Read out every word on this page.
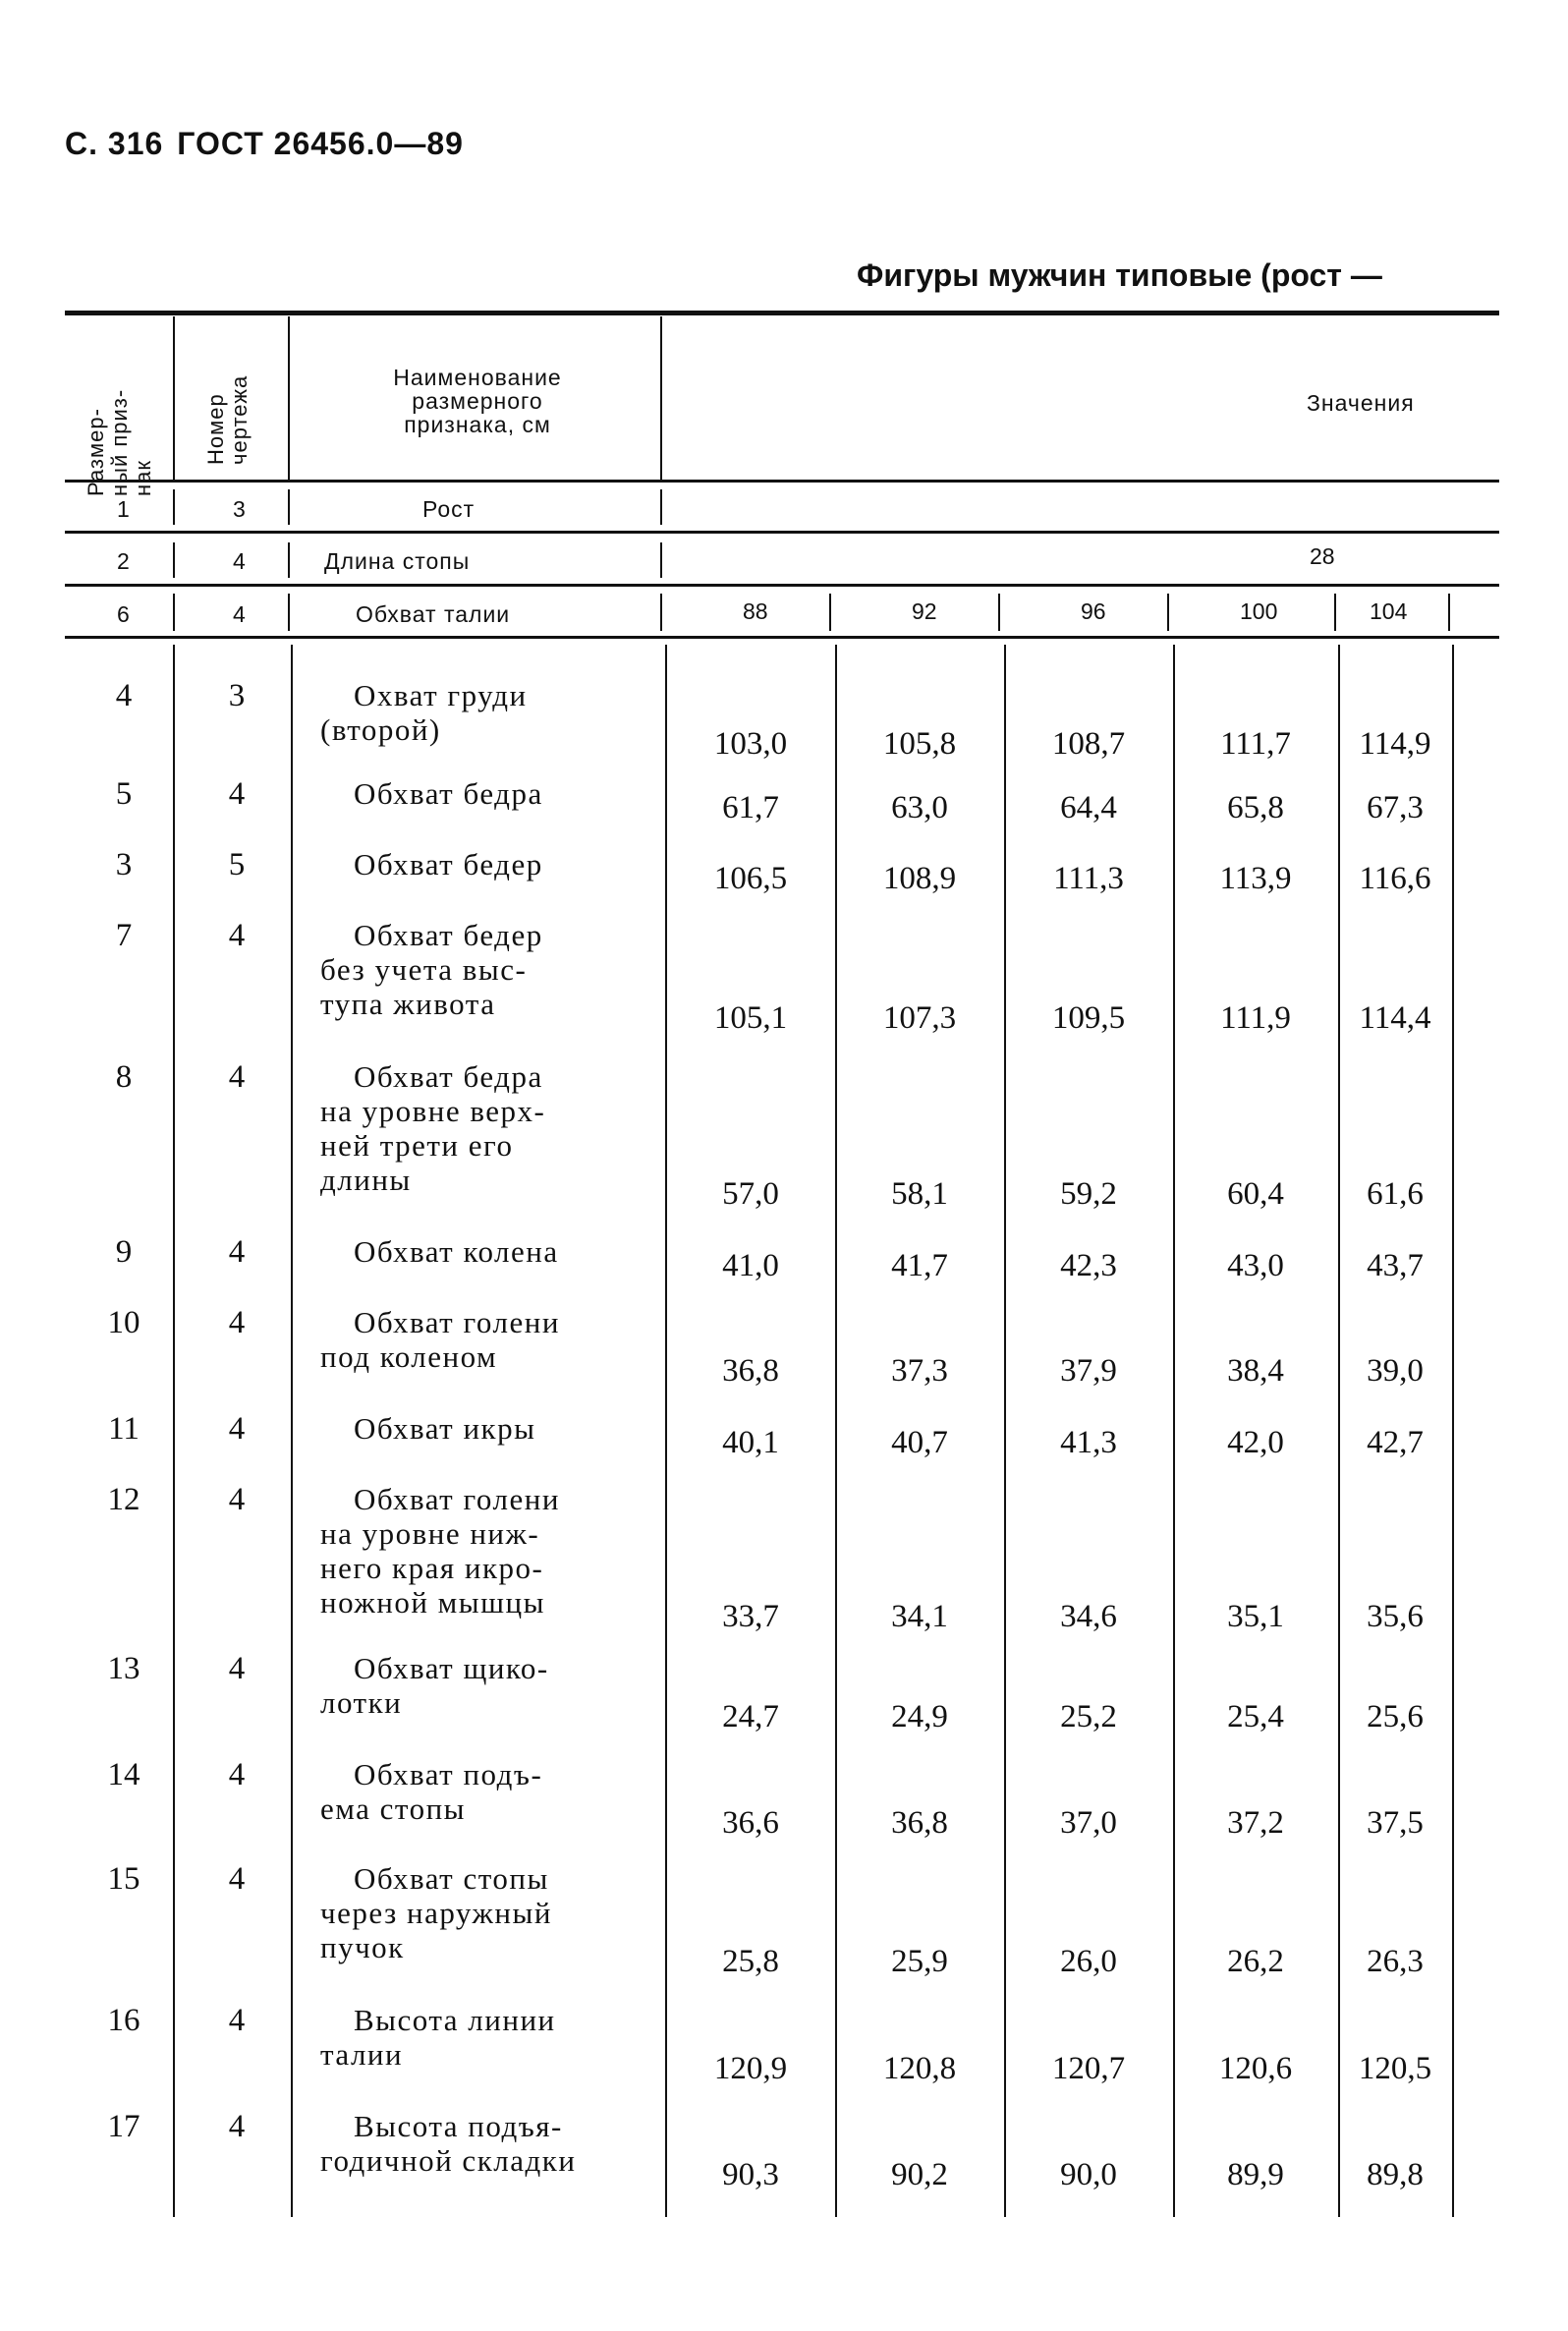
С. 316 ГОСТ 26456.0—89
Фигуры мужчин типовые (рост —
Размер- ный приз- нак
Номер чертежа	Наименование
размерного
признака, см
Значения
1	3	Рост
2	4	Длина стопы	28
6	4	Обхват талии	88	92	96	100	104
4	3	Охват груди
(второй)	103,0	105,8	108,7	111,7	114,9
5	4	Обхват бедра	61,7	63,0	64,4	65,8	67,3
3	5	Обхват бедер	106,5	108,9	111,3	113,9	116,6
7	4	Обхват бедер
без учета выс-
тупа живота	105,1	107,3	109,5	111,9	114,4
8	4	Обхват бедра
на уровне верх-
ней трети его
длины	57,0	58,1	59,2	60,4	61,6
9	4	Обхват колена	41,0	41,7	42,3	43,0	43,7
10	4	Обхват голени
под коленом	36,8	37,3	37,9	38,4	39,0
11	4	Обхват икры	40,1	40,7	41,3	42,0	42,7
12	4	Обхват голени
на уровне ниж-
него края икро-
ножной мышцы	33,7	34,1	34,6	35,1	35,6
13	4	Обхват щико-
лотки	24,7	24,9	25,2	25,4	25,6
14	4	Обхват подъ-
ема стопы	36,6	36,8	37,0	37,2	37,5
15	4	Обхват стопы
через наружный
пучок	25,8	25,9	26,0	26,2	26,3
16	4	Высота линии
талии	120,9	120,8	120,7	120,6	120,5
17	4	Высота подъя-
годичной складки	90,3	90,2	90,0	89,9	89,8
